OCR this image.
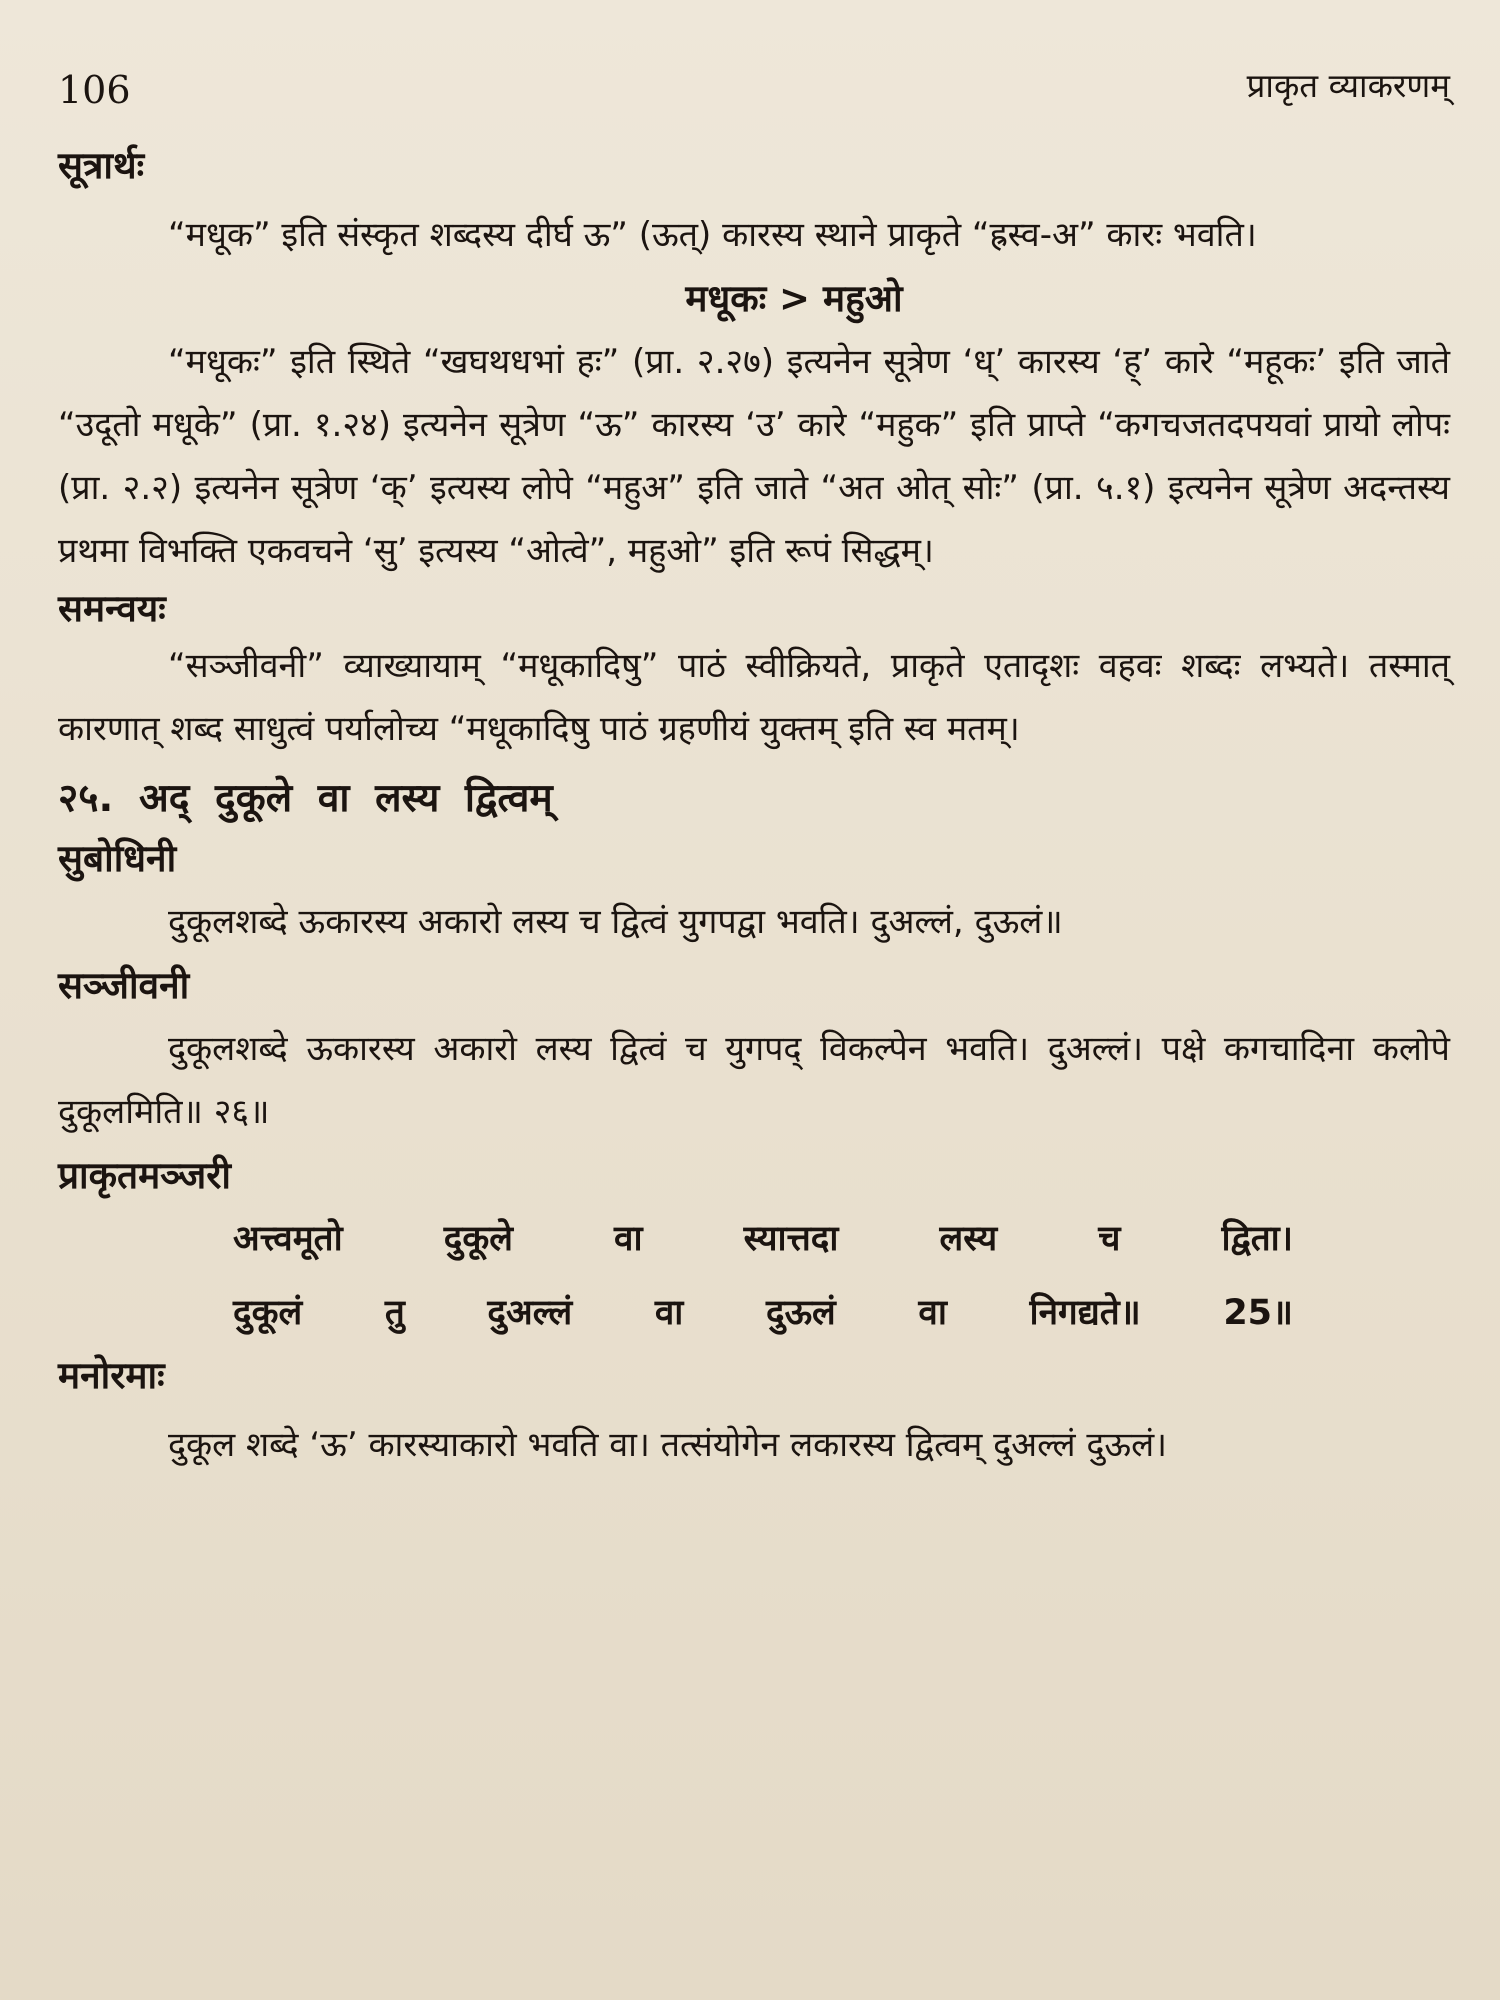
106	प्राकृत व्याकरणम्
सूत्रार्थः

“मधूक” इति संस्कृत शब्दस्य दीर्घ ऊ” (ऊत्) कारस्य स्थाने प्राकृते “ह्रस्व-अ” कारः भवति।

मधूकः > महुओ

“मधूकः” इति स्थिते “खघथधभां हः” (प्रा. २.२७) इत्यनेन सूत्रेण ‘ध्’ कारस्य ‘ह्’ कारे “महूकः’ इति जाते “उदूतो मधूके” (प्रा. १.२४) इत्यनेन सूत्रेण “ऊ” कारस्य ‘उ’ कारे “महुक” इति प्राप्ते “कगचजतदपयवां प्रायो लोपः (प्रा. २.२) इत्यनेन सूत्रेण ‘क्’ इत्यस्य लोपे “महुअ” इति जाते “अत ओत् सोः” (प्रा. ५.१) इत्यनेन सूत्रेण अदन्तस्य प्रथमा विभक्ति एकवचने ‘सु’ इत्यस्य “ओत्वे”, महुओ” इति रूपं सिद्धम्।

समन्वयः

“सञ्जीवनी” व्याख्यायाम् “मधूकादिषु” पाठं स्वीक्रियते, प्राकृते एतादृशः वहवः शब्दः लभ्यते। तस्मात् कारणात् शब्द साधुत्वं पर्यालोच्य “मधूकादिषु पाठं ग्रहणीयं युक्तम् इति स्व मतम्।

२५. अद् दुकूले वा लस्य द्वित्वम्
सुबोधिनी

दुकूलशब्दे ऊकारस्य अकारो लस्य च द्वित्वं युगपद्वा भवति। दुअल्लं, दुऊलं॥

सञ्जीवनी

दुकूलशब्दे ऊकारस्य अकारो लस्य द्वित्वं च युगपद् विकल्पेन भवति। दुअल्लं। पक्षे कगचादिना कलोपे दुकूलमिति॥ २६॥

प्राकृतमञ्जरी
अत्त्वमूतो दुकूले वा स्यात्तदा लस्य च द्विता।
दुकूलं तु दुअल्लं वा दुऊलं वा निगद्यते॥ 25॥
मनोरमाः

दुकूल शब्दे ‘ऊ’ कारस्याकारो भवति वा। तत्संयोगेन लकारस्य द्वित्वम् दुअल्लं दुऊलं।
